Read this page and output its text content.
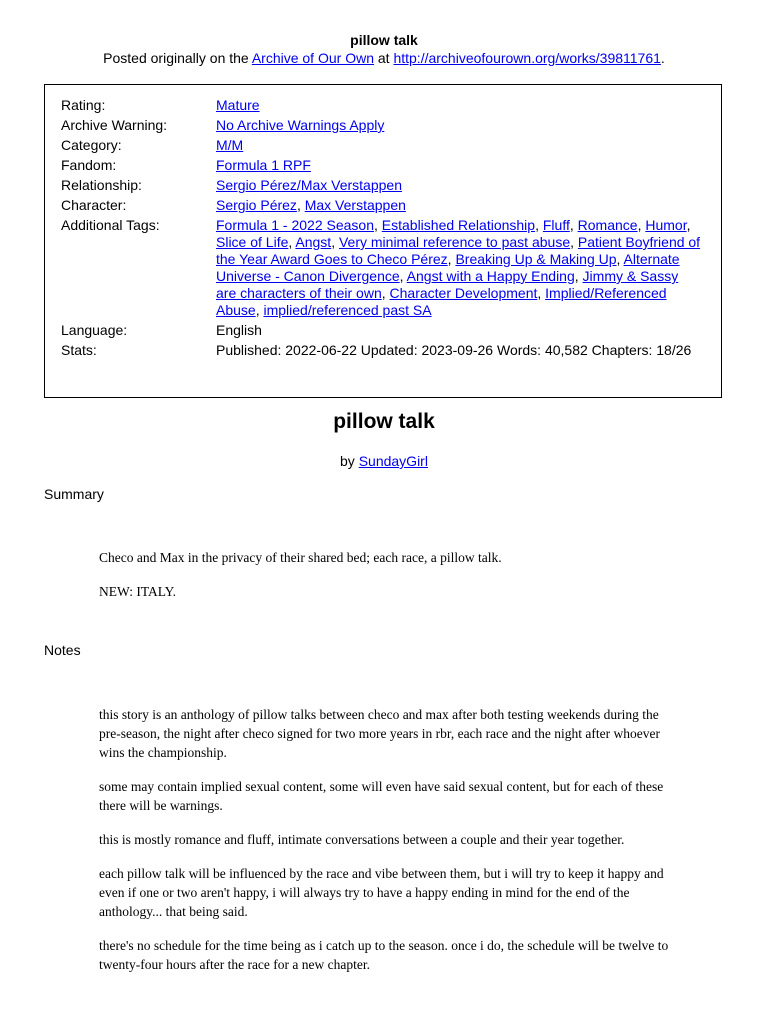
pillow talk
Posted originally on the Archive of Our Own at http://archiveofourown.org/works/39811761.
Rating:	Mature
Archive Warning:	No Archive Warnings Apply
Category:	M/M
Fandom:	Formula 1 RPF
Relationship:	Sergio Pérez/Max Verstappen
Character:	Sergio Pérez, Max Verstappen
Additional Tags:	Formula 1 - 2022 Season, Established Relationship, Fluff, Romance, Humor, Slice of Life, Angst, Very minimal reference to past abuse, Patient Boyfriend of the Year Award Goes to Checo Pérez, Breaking Up & Making Up, Alternate Universe - Canon Divergence, Angst with a Happy Ending, Jimmy & Sassy are characters of their own, Character Development, Implied/Referenced Abuse, implied/referenced past SA
Language:	English
Stats:	Published: 2022-06-22 Updated: 2023-09-26 Words: 40,582 Chapters: 18/26
pillow talk
by SundayGirl
Summary

Checo and Max in the privacy of their shared bed; each race, a pillow talk.

NEW: ITALY.

Notes

this story is an anthology of pillow talks between checo and max after both testing weekends during the pre-season, the night after checo signed for two more years in rbr, each race and the night after whoever wins the championship.

some may contain implied sexual content, some will even have said sexual content, but for each of these there will be warnings.

this is mostly romance and fluff, intimate conversations between a couple and their year together.

each pillow talk will be influenced by the race and vibe between them, but i will try to keep it happy and even if one or two aren't happy, i will always try to have a happy ending in mind for the end of the anthology... that being said.

there's no schedule for the time being as i catch up to the season. once i do, the schedule will be twelve to twenty-four hours after the race for a new chapter.
